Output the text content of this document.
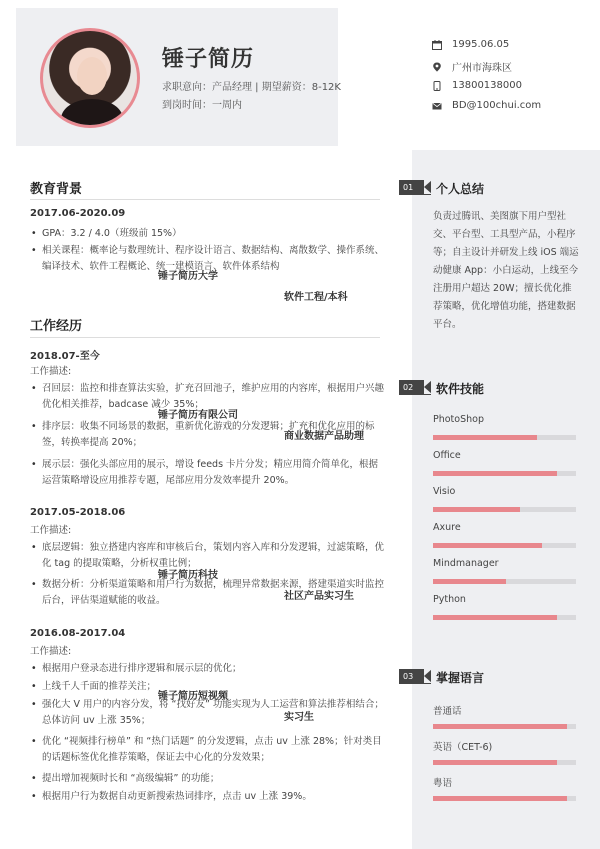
锤子简历
求职意向：产品经理 | 期望薪资：8-12K
到岗时间：一周内
1995.06.05
广州市海珠区
13800138000
BD@100chui.com
教育背景
2017.06-2020.09
锤子简历大学
软件工程/本科
• GPA：3.2 / 4.0（班级前 15%）
• 相关课程：概率论与数理统计、程序设计语言、数据结构、离散数学、操作系统、编译技术、软件工程概论、统一建模语言、软件体系结构
工作经历
2018.07-至今
锤子简历有限公司
商业数据产品助理
工作描述:
• 召回层：监控和排查算法实验，扩充召回池子，维护应用的内容库，根据用户兴趣优化相关推荐，badcase 减少 35%；
• 排序层：收集不同场景的数据，重新优化游戏的分发逻辑；扩充和优化应用的标签，转换率提高 20%；
• 展示层：强化头部应用的展示，增设 feeds 卡片分发；精应用简介简单化，根据运营策略增设应用推荐专题，尾部应用分发效率提升 20%。
2017.05-2018.06
锤子简历科技
社区产品实习生
工作描述:
• 底层逻辑：独立搭建内容库和审核后台，策划内容入库和分发逻辑，过滤策略，优化 tag 的提取策略，分析权重比例；
• 数据分析：分析渠道策略和用户行为数据，梳理异常数据来源，搭建渠道实时监控后台，评估渠道赋能的收益。
2016.08-2017.04
锤子简历短视频
实习生
工作描述:
• 根据用户登录态进行排序逻辑和展示层的优化；
• 上线千人千面的推荐关注；
• 强化大 V 用户的内容分发，将 “找好友” 功能实现为人工运营和算法推荐相结合；总体访问 uv 上涨 35%；
• 优化 “视频排行榜单” 和 “热门话题” 的分发逻辑，点击 uv 上涨 28%；针对类目的话题标签优化推荐策略，保证去中心化的分发效果；
• 提出增加视频时长和 “高级编辑” 的功能；
• 根据用户行为数据自动更新搜索热词排序，点击 uv 上涨 39%。
01	个人总结
负责过腾讯、美图旗下用户型社交、平台型、工具型产品，小程序等；自主设计并研发上线 iOS 端运动健康 App：小白运动，上线至今注册用户超达 20W；擅长优化推荐策略，优化增值功能，搭建数据平台。
02	软件技能
PhotoShop
Office
Visio
Axure
Mindmanager
Python
03	掌握语言
普通话
英语（CET-6)
粤语
